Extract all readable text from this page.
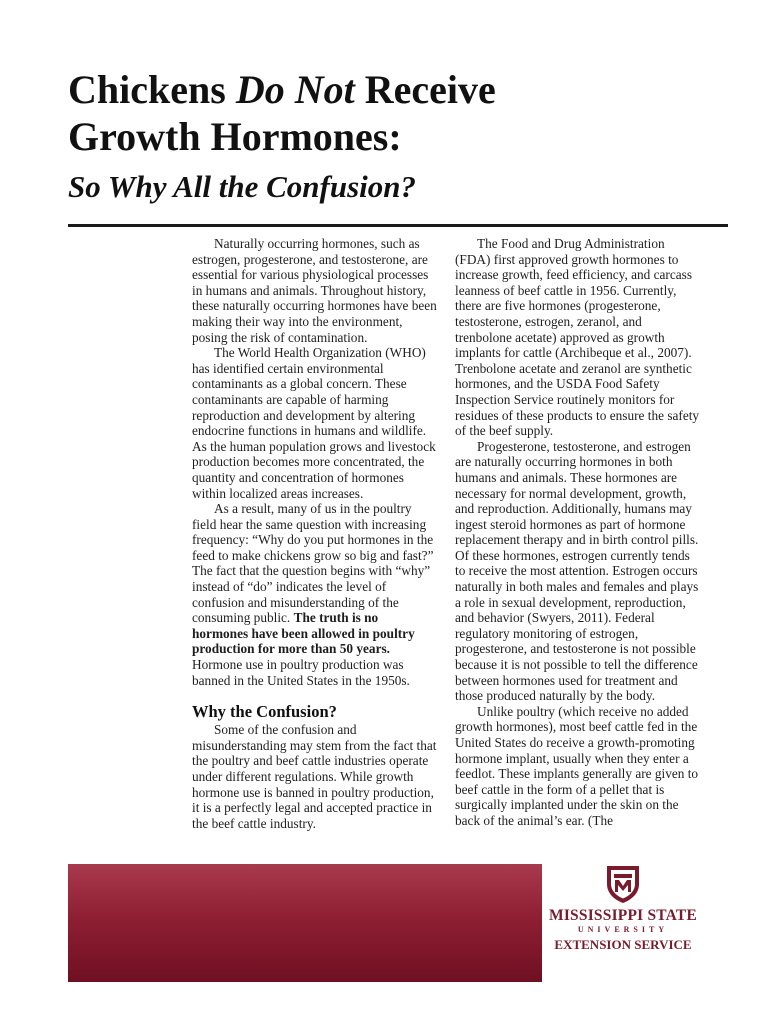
Chickens Do Not Receive
Growth Hormones:
So Why All the Confusion?

Naturally occurring hormones, such as estrogen, progesterone, and testosterone, are essential for various physiological processes in humans and animals. Throughout history, these naturally occurring hormones have been making their way into the environment, posing the risk of contamination.

The World Health Organization (WHO) has identified certain environmental contaminants as a global concern. These contaminants are capable of harming reproduction and development by altering endocrine functions in humans and wildlife. As the human population grows and livestock production becomes more concentrated, the quantity and concentration of hormones within localized areas increases.

As a result, many of us in the poultry field hear the same question with increasing frequency: “Why do you put hormones in the feed to make chickens grow so big and fast?” The fact that the question begins with “why” instead of “do” indicates the level of confusion and misunderstanding of the consuming public. The truth is no hormones have been allowed in poultry production for more than 50 years. Hormone use in poultry production was banned in the United States in the 1950s.

Why the Confusion?

Some of the confusion and misunderstanding may stem from the fact that the poultry and beef cattle industries operate under different regulations. While growth hormone use is banned in poultry production, it is a perfectly legal and accepted practice in the beef cattle industry.

The Food and Drug Administration (FDA) first approved growth hormones to increase growth, feed efficiency, and carcass leanness of beef cattle in 1956. Currently, there are five hormones (progesterone, testosterone, estrogen, zeranol, and trenbolone acetate) approved as growth implants for cattle (Archibeque et al., 2007). Trenbolone acetate and zeranol are synthetic hormones, and the USDA Food Safety Inspection Service routinely monitors for residues of these products to ensure the safety of the beef supply.

Progesterone, testosterone, and estrogen are naturally occurring hormones in both humans and animals. These hormones are necessary for normal development, growth, and reproduction. Additionally, humans may ingest steroid hormones as part of hormone replacement therapy and in birth control pills. Of these hormones, estrogen currently tends to receive the most attention. Estrogen occurs naturally in both males and females and plays a role in sexual development, reproduction, and behavior (Swyers, 2011). Federal regulatory monitoring of estrogen, progesterone, and testosterone is not possible because it is not possible to tell the difference between hormones used for treatment and those produced naturally by the body.

Unlike poultry (which receive no added growth hormones), most beef cattle fed in the United States do receive a growth-promoting hormone implant, usually when they enter a feedlot. These implants generally are given to beef cattle in the form of a pellet that is surgically implanted under the skin on the back of the animal’s ear. (The

MISSISSIPPI STATE
UNIVERSITY
EXTENSION SERVICE
